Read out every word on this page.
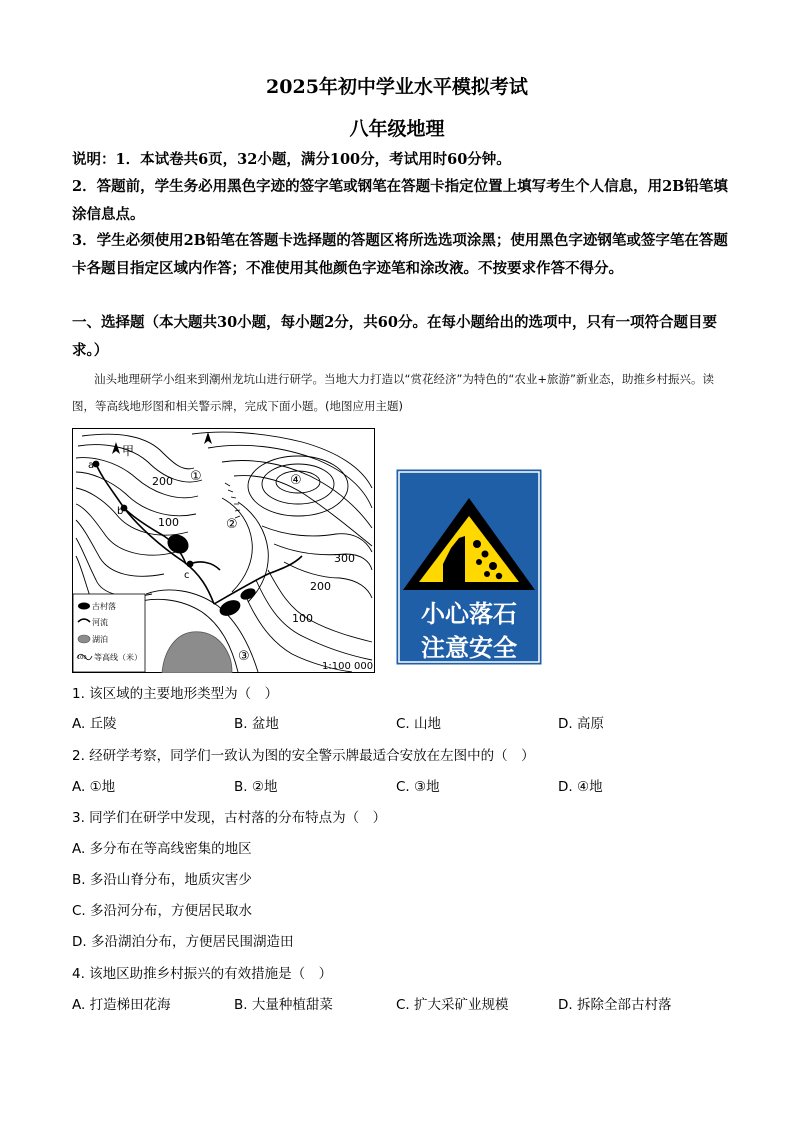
2025年初中学业水平模拟考试
八年级地理
说明：1．本试卷共6页，32小题，满分100分，考试用时60分钟。
2．答题前，学生务必用黑色字迹的签字笔或钢笔在答题卡指定位置上填写考生个人信息，用2B铅笔填涂信息点。
3．学生必须使用2B铅笔在答题卡选择题的答题区将所选选项涂黑；使用黑色字迹钢笔或签字笔在答题卡各题目指定区域内作答；不准使用其他颜色字迹笔和涂改液。不按要求作答不得分。
一、选择题（本大题共30小题，每小题2分，共60分。在每小题给出的选项中，只有一项符合题目要求。）
汕头地理研学小组来到潮州龙坑山进行研学。当地大力打造以“赏花经济”为特色的“农业+旅游”新业态，助推乡村振兴。读图，等高线地形图和相关警示牌，完成下面小题。(地图应用主题)
甲
a
b
c
200
100
300
200
100
①
②
③
④
1:100 000
古村落
河流
湖泊
100 等高线（米）
小心落石
注意安全
1. 该区域的主要地形类型为（　）
A. 丘陵	B. 盆地	C. 山地	D. 高原
2. 经研学考察，同学们一致认为图的安全警示牌最适合安放在左图中的（　）
A. ①地	B. ②地	C. ③地	D. ④地
3. 同学们在研学中发现，古村落的分布特点为（　）
A. 多分布在等高线密集的地区
B. 多沿山脊分布，地质灾害少
C. 多沿河分布，方便居民取水
D. 多沿湖泊分布，方便居民围湖造田
4. 该地区助推乡村振兴的有效措施是（　）
A. 打造梯田花海	B. 大量种植甜菜	C. 扩大采矿业规模	D. 拆除全部古村落
